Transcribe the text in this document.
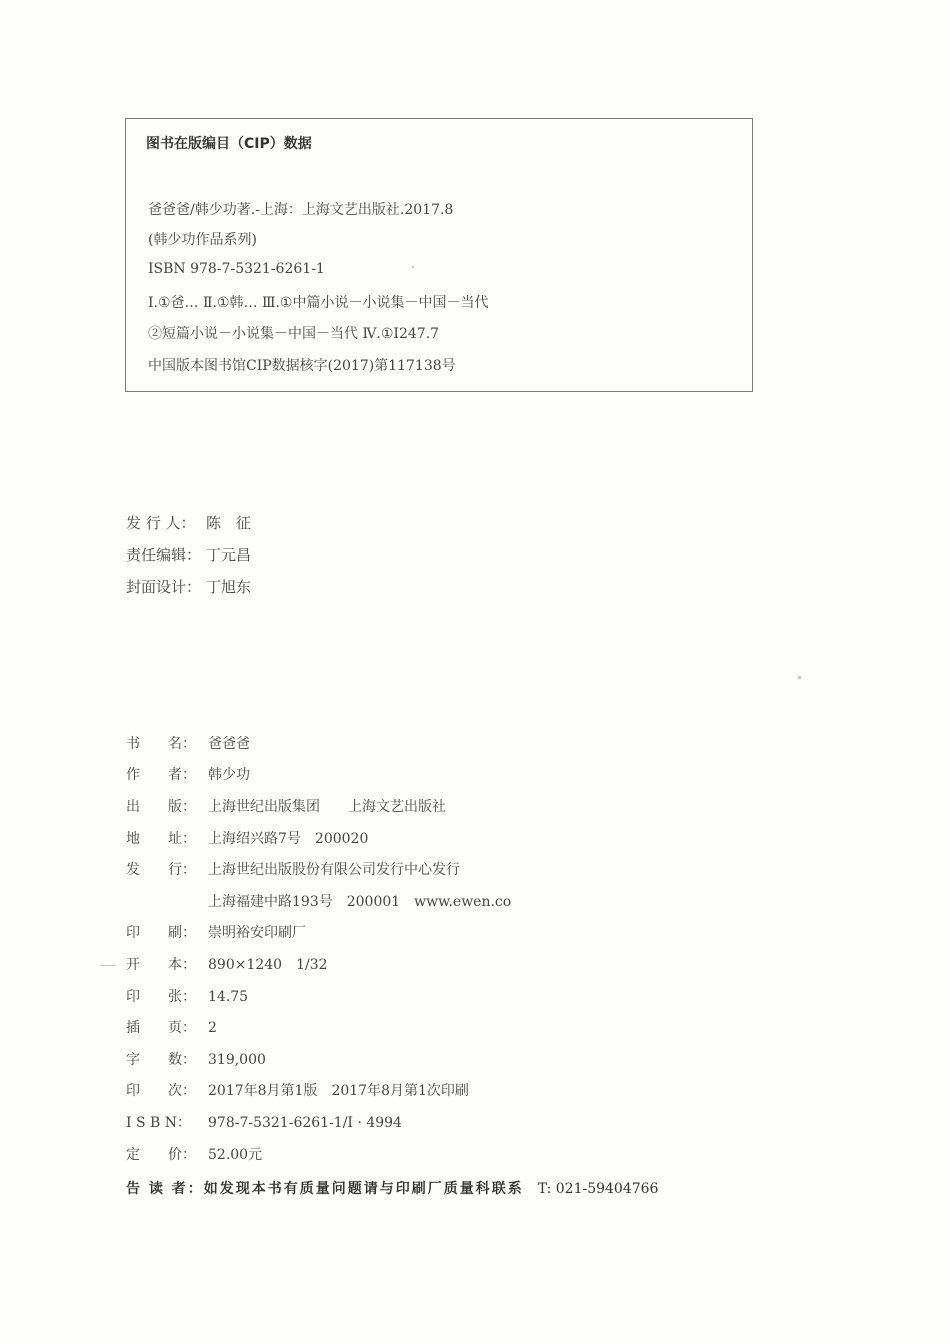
图书在版编目（CIP）数据
爸爸爸/韩少功著.-上海：上海文艺出版社.2017.8
(韩少功作品系列)
ISBN 978-7-5321-6261-1
Ⅰ.①爸… Ⅱ.①韩… Ⅲ.①中篇小说－小说集－中国－当代
②短篇小说－小说集－中国－当代 Ⅳ.①I247.7
中国版本图书馆CIP数据核字(2017)第117138号
发 行 人： 陈　征
责任编辑： 丁元昌
封面设计： 丁旭东
书　　名： 爸爸爸
作　　者： 韩少功
出　　版： 上海世纪出版集团　　上海文艺出版社
地　　址： 上海绍兴路7号　200020
发　　行： 上海世纪出版股份有限公司发行中心发行
上海福建中路193号　200001　www.ewen.co
印　　刷： 崇明裕安印刷厂
开　　本： 890×1240　1/32
印　　张： 14.75
插　　页： 2
字　　数： 319,000
印　　次： 2017年8月第1版　2017年8月第1次印刷
I S B N： 978-7-5321-6261-1/I · 4994
定　　价： 52.00元
告 读 者：如发现本书有质量问题请与印刷厂质量科联系 T: 021-59404766
